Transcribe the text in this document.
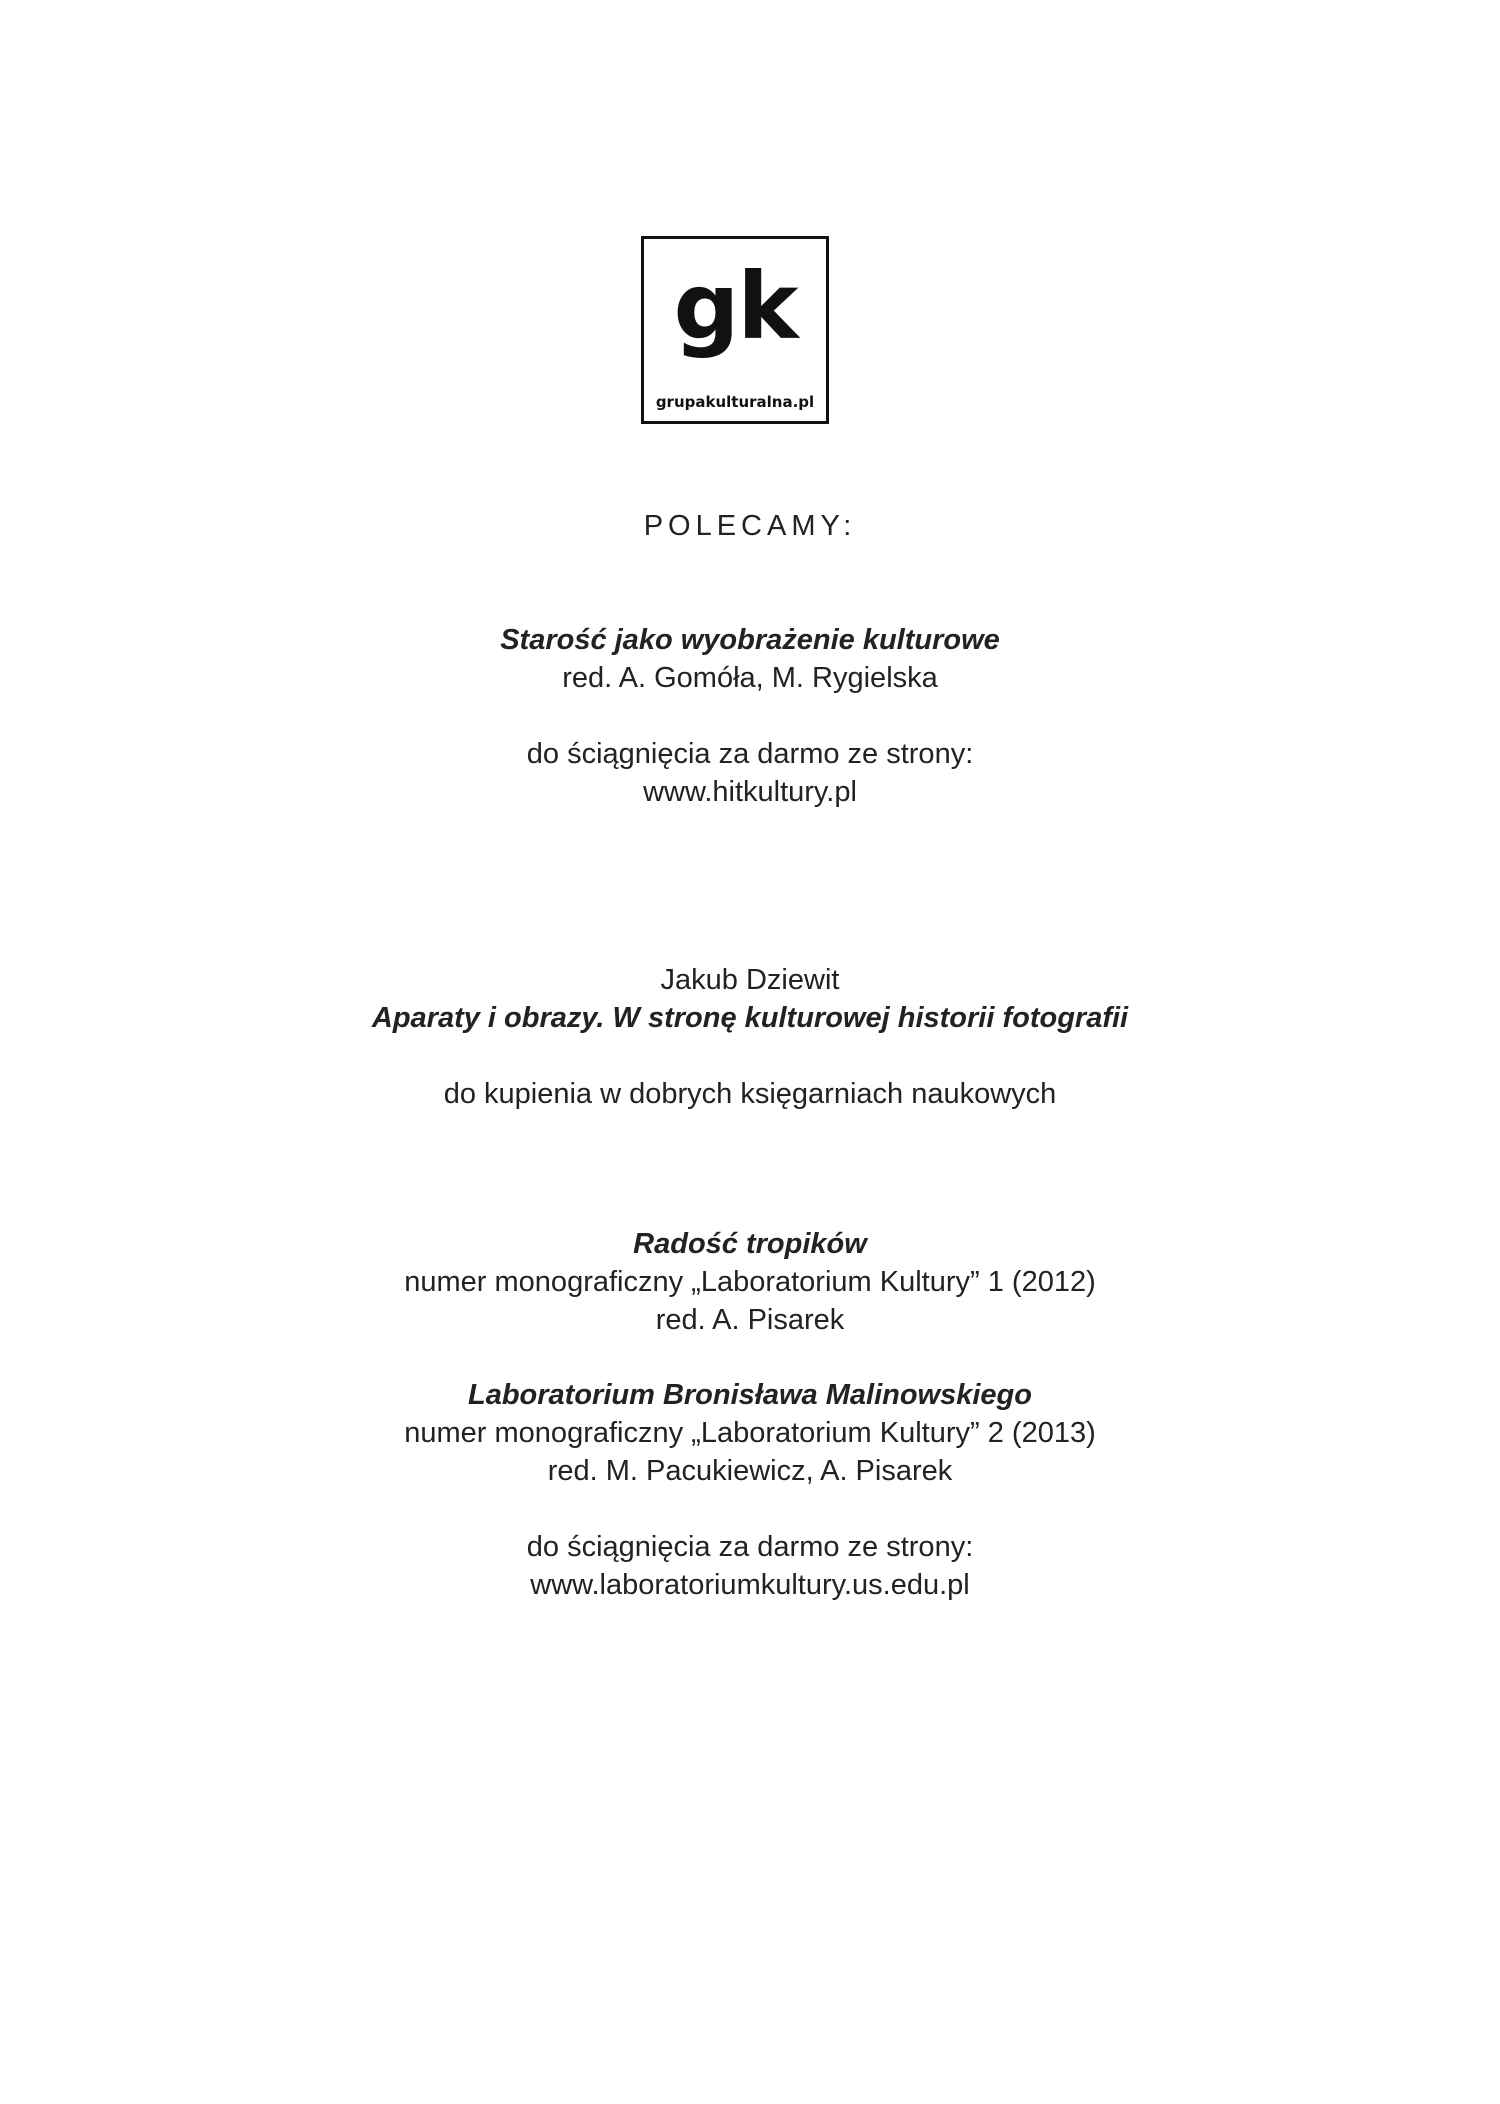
gk
grupakulturalna.pl
POLECAMY:
Starość jako wyobrażenie kulturowe
red. A. Gomóła, M. Rygielska
do ściągnięcia za darmo ze strony:
www.hitkultury.pl
Jakub Dziewit
Aparaty i obrazy. W stronę kulturowej historii fotografii
do kupienia w dobrych księgarniach naukowych
Radość tropików
numer monograficzny „Laboratorium Kultury” 1 (2012)
red. A. Pisarek
Laboratorium Bronisława Malinowskiego
numer monograficzny „Laboratorium Kultury” 2 (2013)
red. M. Pacukiewicz, A. Pisarek
do ściągnięcia za darmo ze strony:
www.laboratoriumkultury.us.edu.pl
